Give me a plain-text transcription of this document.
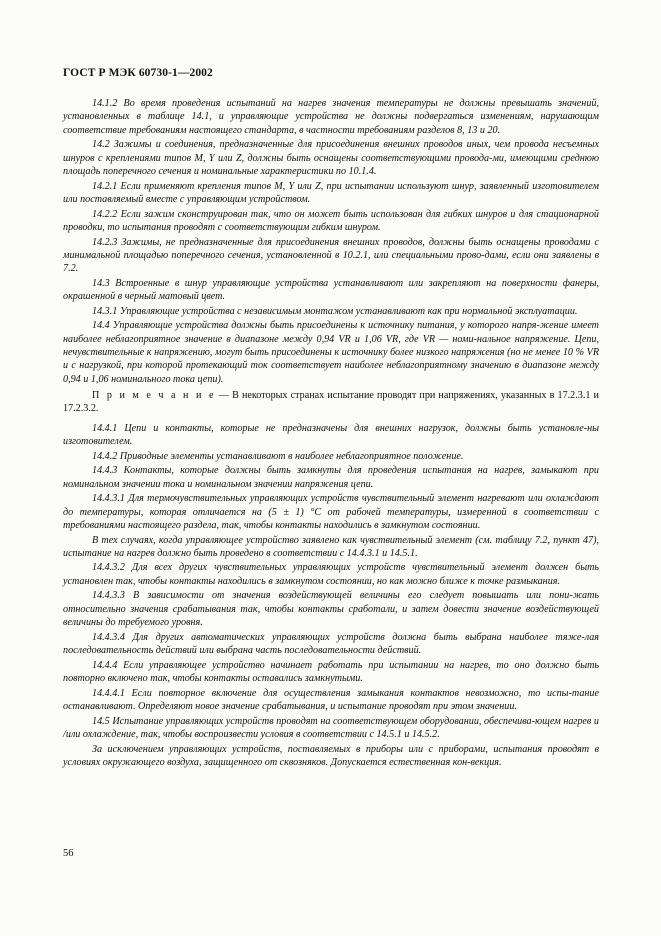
ГОСТ Р МЭК 60730-1—2002

14.1.2 Во время проведения испытаний на нагрев значения температуры не должны превышать значений, установленных в таблице 14.1, и управляющие устройства не должны подвергаться изменениям, нарушающим соответствие требованиям настоящего стандарта, в частности требованиям разделов 8, 13 и 20.

14.2 Зажимы и соединения, предназначенные для присоединения внешних проводов иных, чем провода несъемных шнуров с креплениями типов M, Y или Z, должны быть оснащены соответствующими провода-ми, имеющими среднюю площадь поперечного сечения и номинальные характеристики по 10.1.4.

14.2.1 Если применяют крепления типов M, Y или Z, при испытании используют шнур, заявленный изготовителем или поставляемый вместе с управляющим устройством.

14.2.2 Если зажим сконструирован так, что он может быть использован для гибких шнуров и для стационарной проводки, то испытания проводят с соответствующим гибким шнуром.

14.2.3 Зажимы, не предназначенные для присоединения внешних проводов, должны быть оснащены проводами с минимальной площадью поперечного сечения, установленной в 10.2.1, или специальными прово-дами, если они заявлены в 7.2.

14.3 Встроенные в шнур управляющие устройства устанавливают или закрепляют на поверхности фанеры, окрашенной в черный матовый цвет.

14.3.1 Управляющие устройства с независимым монтажом устанавливают как при нормальной эксплуатации.

14.4 Управляющие устройства должны быть присоединены к источнику питания, у которого напря-жение имеет наиболее неблагоприятное значение в диапазоне между 0,94 VR и 1,06 VR, где VR — номи-нальное напряжение. Цепи, нечувствительные к напряжению, могут быть присоединены к источнику более низкого напряжения (но не менее 10 % VR и с нагрузкой, при которой протекающий ток соответствует наиболее неблагоприятному значению в диапазоне между 0,94 и 1,06 номинального тока цепи).

П р и м е ч а н и е — В некоторых странах испытание проводят при напряжениях, указанных в 17.2.3.1 и 17.2.3.2.

14.4.1 Цепи и контакты, которые не предназначены для внешних нагрузок, должны быть установле-ны изготовителем.

14.4.2 Приводные элементы устанавливают в наиболее неблагоприятное положение.

14.4.3 Контакты, которые должны быть замкнуты для проведения испытания на нагрев, замыкают при номинальном значении тока и номинальном значении напряжения цепи.

14.4.3.1 Для термочувствительных управляющих устройств чувствительный элемент нагревают или охлаждают до температуры, которая отличается на (5 ± 1) °С от рабочей температуры, измеренной в соответствии с требованиями настоящего раздела, так, чтобы контакты находились в замкнутом состоянии.

В тех случаях, когда управляющее устройство заявлено как чувствительный элемент (см. таблицу 7.2, пункт 47), испытание на нагрев должно быть проведено в соответствии с 14.4.3.1 и 14.5.1.

14.4.3.2 Для всех других чувствительных управляющих устройств чувствительный элемент должен быть установлен так, чтобы контакты находились в замкнутом состоянии, но как можно ближе к точке размыкания.

14.4.3.3 В зависимости от значения воздействующей величины его следует повышать или пони-жать относительно значения срабатывания так, чтобы контакты сработали, и затем довести значение воздействующей величины до требуемого уровня.

14.4.3.4 Для других автоматических управляющих устройств должна быть выбрана наиболее тяже-лая последовательность действий или выбрана часть последовательности действий.

14.4.4 Если управляющее устройство начинает работать при испытании на нагрев, то оно должно быть повторно включено так, чтобы контакты оставались замкнутыми.

14.4.4.1 Если повторное включение для осуществления замыкания контактов невозможно, то испы-тание останавливают. Определяют новое значение срабатывания, и испытание проводят при этом значении.

14.5 Испытание управляющих устройств проводят на соответствующем оборудовании, обеспечива-ющем нагрев и /или охлаждение, так, чтобы воспроизвести условия в соответствии с 14.5.1 и 14.5.2.

За исключением управляющих устройств, поставляемых в приборы или с приборами, испытания проводят в условиях окружающего воздуха, защищенного от сквозняков. Допускается естественная кон-векция.

56
